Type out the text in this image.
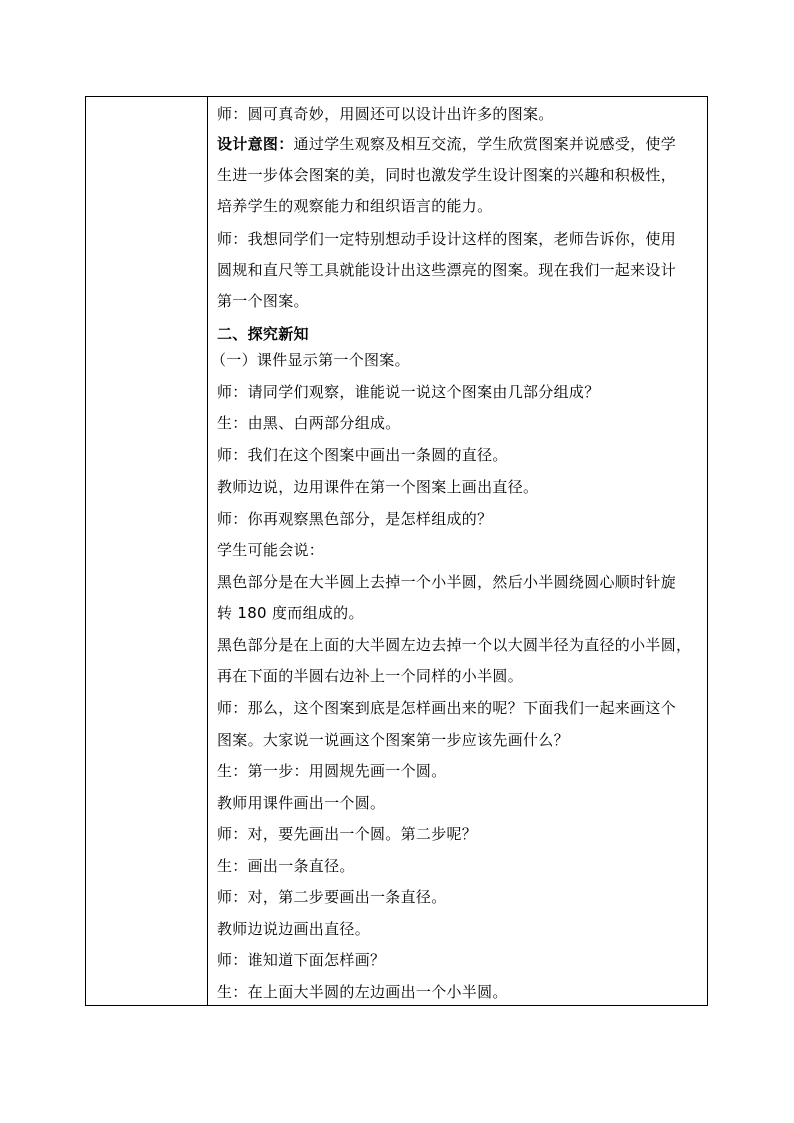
师：圆可真奇妙，用圆还可以设计出许多的图案。
设计意图：通过学生观察及相互交流，学生欣赏图案并说感受，使学
生进一步体会图案的美，同时也激发学生设计图案的兴趣和积极性，
培养学生的观察能力和组织语言的能力。
师：我想同学们一定特别想动手设计这样的图案，老师告诉你，使用
圆规和直尺等工具就能设计出这些漂亮的图案。现在我们一起来设计
第一个图案。
二、探究新知
（一）课件显示第一个图案。
师：请同学们观察，谁能说一说这个图案由几部分组成？
生：由黑、白两部分组成。
师：我们在这个图案中画出一条圆的直径。
教师边说，边用课件在第一个图案上画出直径。
师：你再观察黑色部分，是怎样组成的？
学生可能会说：
黑色部分是在大半圆上去掉一个小半圆，然后小半圆绕圆心顺时针旋
转 180 度而组成的。
黑色部分是在上面的大半圆左边去掉一个以大圆半径为直径的小半圆，
再在下面的半圆右边补上一个同样的小半圆。
师：那么，这个图案到底是怎样画出来的呢？下面我们一起来画这个
图案。大家说一说画这个图案第一步应该先画什么？
生：第一步：用圆规先画一个圆。
教师用课件画出一个圆。
师：对，要先画出一个圆。第二步呢？
生：画出一条直径。
师：对，第二步要画出一条直径。
教师边说边画出直径。
师：谁知道下面怎样画？
生：在上面大半圆的左边画出一个小半圆。
